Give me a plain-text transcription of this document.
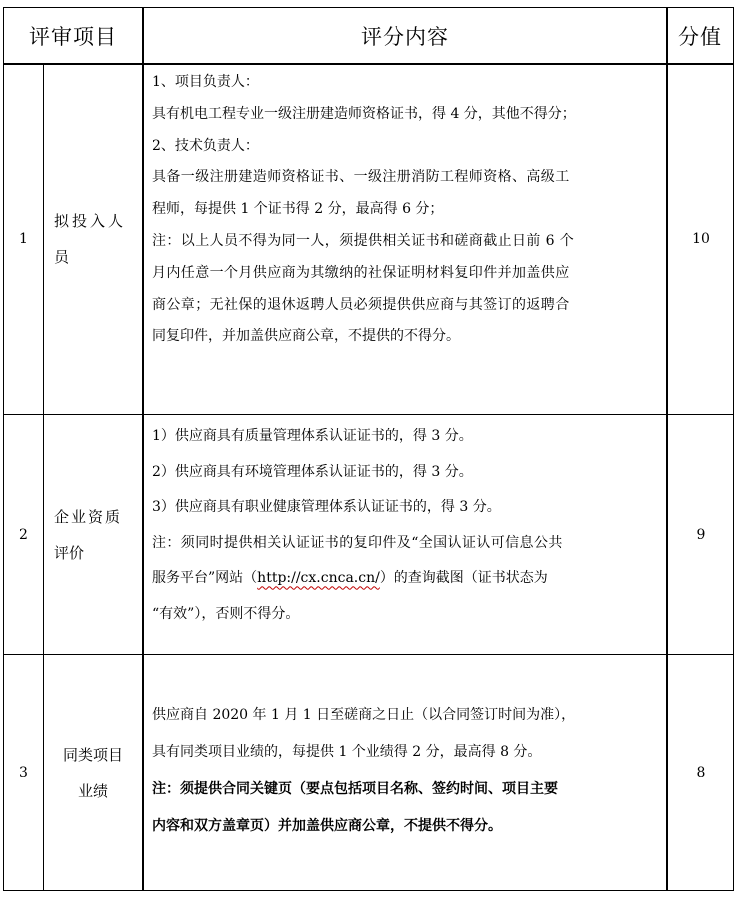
评审项目	评分内容	分值
1
拟投入人
员
10

1、项目负责人：

具有机电工程专业一级注册建造师资格证书，得 4 分，其他不得分；

2、技术负责人：

具备一级注册建造师资格证书、一级注册消防工程师资格、高级工

程师，每提供 1 个证书得 2 分，最高得 6 分；

注：以上人员不得为同一人，须提供相关证书和磋商截止日前 6 个

月内任意一个月供应商为其缴纳的社保证明材料复印件并加盖供应

商公章；无社保的退休返聘人员必须提供供应商与其签订的返聘合

同复印件，并加盖供应商公章，不提供的不得分。

2
企业资质
评价
9

1）供应商具有质量管理体系认证证书的，得 3 分。

2）供应商具有环境管理体系认证证书的，得 3 分。

3）供应商具有职业健康管理体系认证证书的，得 3 分。

注：须同时提供相关认证证书的复印件及“全国认证认可信息公共

服务平台”网站（http://cx.cnca.cn/）的查询截图（证书状态为

“有效”），否则不得分。

3
同类项目
业绩
8

供应商自 2020 年 1 月 1 日至磋商之日止（以合同签订时间为准），

具有同类项目业绩的，每提供 1 个业绩得 2 分，最高得 8 分。

注：须提供合同关键页（要点包括项目名称、签约时间、项目主要

内容和双方盖章页）并加盖供应商公章，不提供不得分。
